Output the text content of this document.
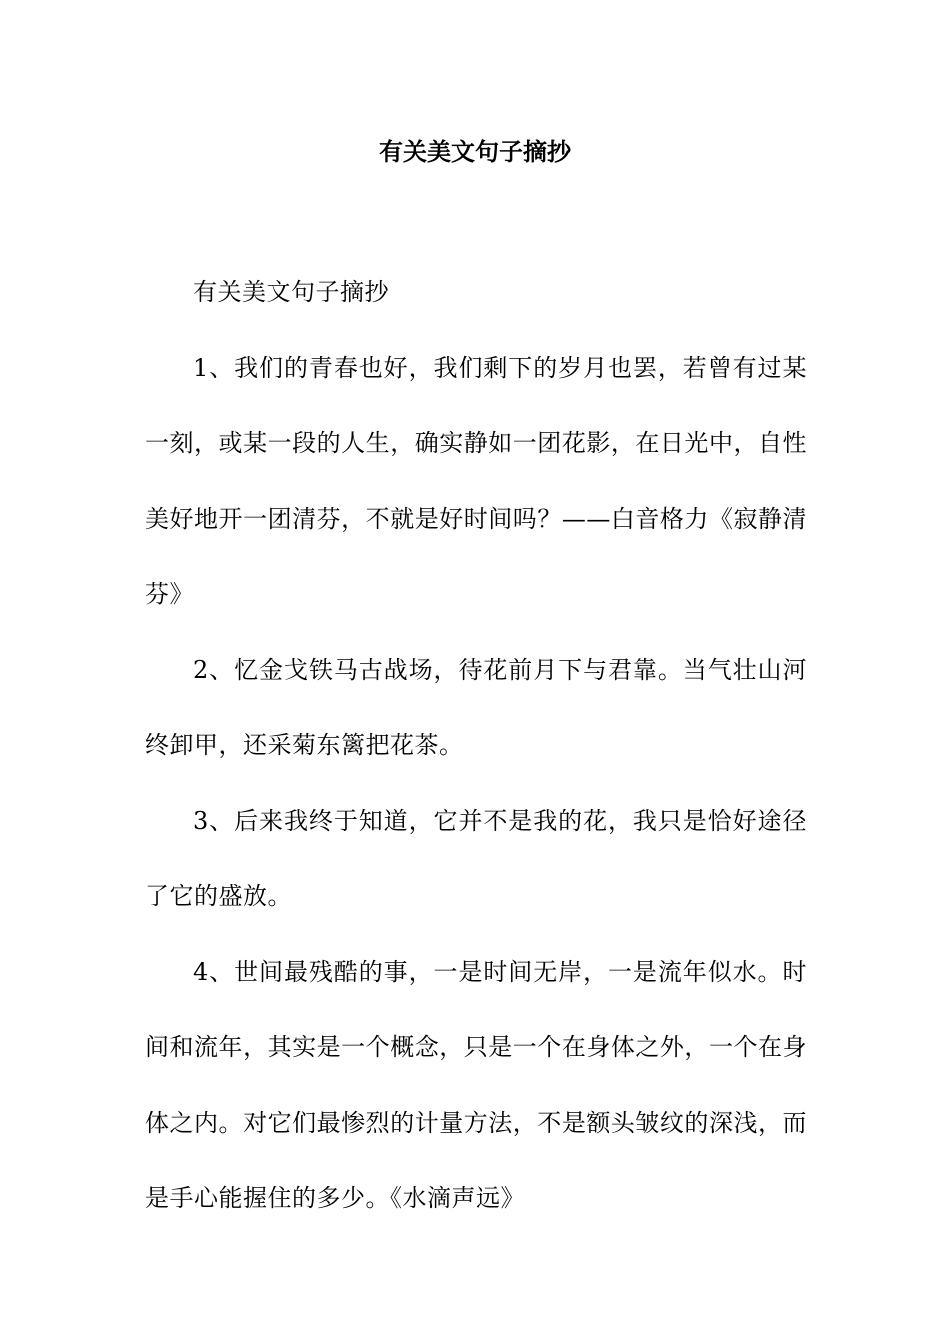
有关美文句子摘抄

有关美文句子摘抄

1、我们的青春也好，我们剩下的岁月也罢，若曾有过某一刻，或某一段的人生，确实静如一团花影，在日光中，自性美好地开一团清芬，不就是好时间吗？——白音格力《寂静清芬》

2、忆金戈铁马古战场，待花前月下与君靠。当气壮山河终卸甲，还采菊东篱把花茶。

3、后来我终于知道，它并不是我的花，我只是恰好途径了它的盛放。

4、世间最残酷的事，一是时间无岸，一是流年似水。时间和流年，其实是一个概念，只是一个在身体之外，一个在身体之内。对它们最惨烈的计量方法，不是额头皱纹的深浅，而是手心能握住的多少。《水滴声远》
